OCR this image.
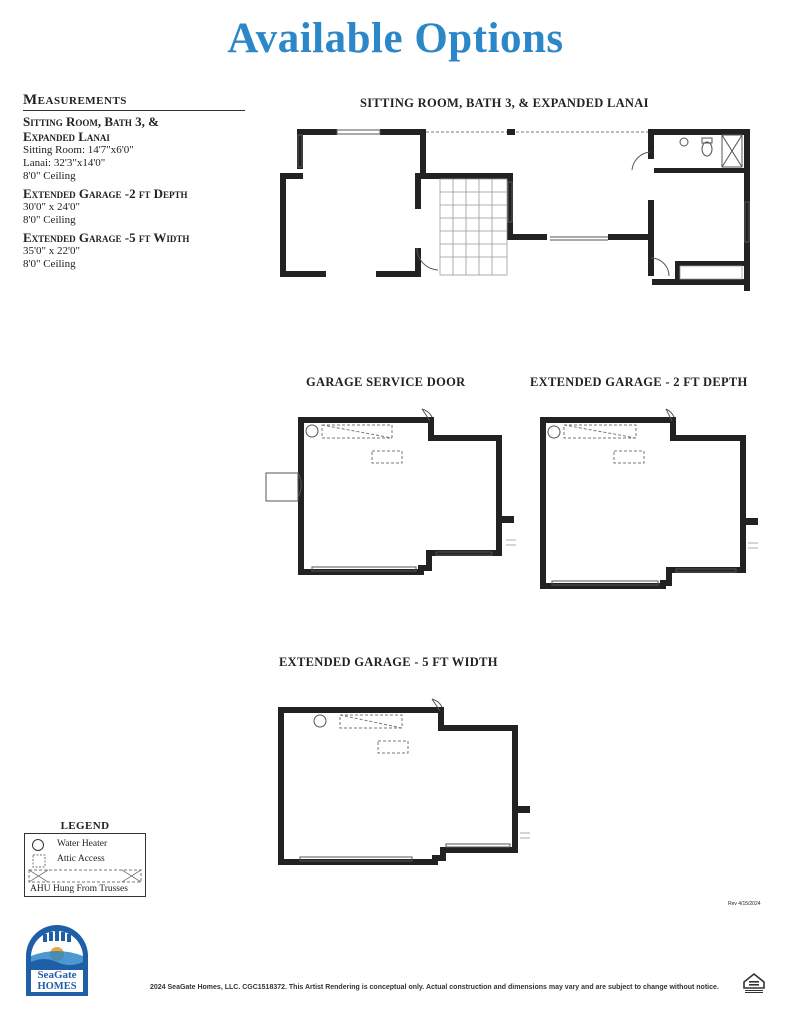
Available Options
Measurements
Sitting Room, Bath 3, &
Expanded Lanai
Sitting Room: 14'7"x6'0"
Lanai: 32'3"x14'0"
8'0" Ceiling
Extended Garage -2 ft Depth
30'0" x 24'0"
8'0" Ceiling
Extended Garage -5 ft Width
35'0" x 22'0"
8'0" Ceiling
SITTING ROOM, BATH 3, & EXPANDED LANAI
GARAGE SERVICE DOOR	EXTENDED GARAGE - 2 FT DEPTH
EXTENDED GARAGE - 5 FT WIDTH
LEGEND
Water Heater
Attic Access
AHU Hung From Trusses
Rev 4/15/2024
SeaGate
HOMES	2024 SeaGate Homes, LLC. CGC1518372. This Artist Rendering is conceptual only. Actual construction and dimensions may vary and are subject to change without notice.
